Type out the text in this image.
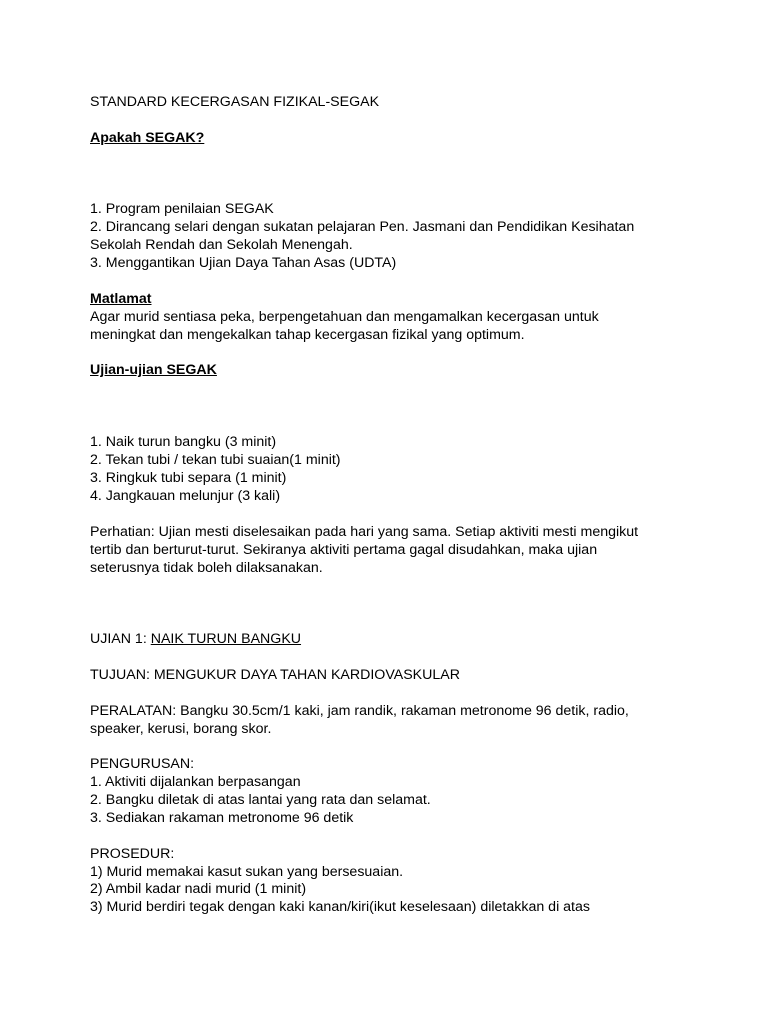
STANDARD KECERGASAN FIZIKAL-SEGAK
Apakah SEGAK?
1. Program penilaian SEGAK
2. Dirancang selari dengan sukatan pelajaran Pen. Jasmani dan Pendidikan Kesihatan
Sekolah Rendah dan Sekolah Menengah.
3. Menggantikan Ujian Daya Tahan Asas (UDTA)
Matlamat
Agar murid sentiasa peka, berpengetahuan dan mengamalkan kecergasan untuk
meningkat dan mengekalkan tahap kecergasan fizikal yang optimum.
Ujian-ujian SEGAK
1. Naik turun bangku (3 minit)
2. Tekan tubi / tekan tubi suaian(1 minit)
3. Ringkuk tubi separa (1 minit)
4. Jangkauan melunjur (3 kali)
Perhatian: Ujian mesti diselesaikan pada hari yang sama. Setiap aktiviti mesti mengikut
tertib dan berturut-turut. Sekiranya aktiviti pertama gagal disudahkan, maka ujian
seterusnya tidak boleh dilaksanakan.
UJIAN 1: NAIK TURUN BANGKU
TUJUAN: MENGUKUR DAYA TAHAN KARDIOVASKULAR
PERALATAN: Bangku 30.5cm/1 kaki, jam randik, rakaman metronome 96 detik, radio,
speaker, kerusi, borang skor.
PENGURUSAN:
1. Aktiviti dijalankan berpasangan
2. Bangku diletak di atas lantai yang rata dan selamat.
3. Sediakan rakaman metronome 96 detik
PROSEDUR:
1) Murid memakai kasut sukan yang bersesuaian.
2) Ambil kadar nadi murid (1 minit)
3) Murid berdiri tegak dengan kaki kanan/kiri(ikut keselesaan) diletakkan di atas
